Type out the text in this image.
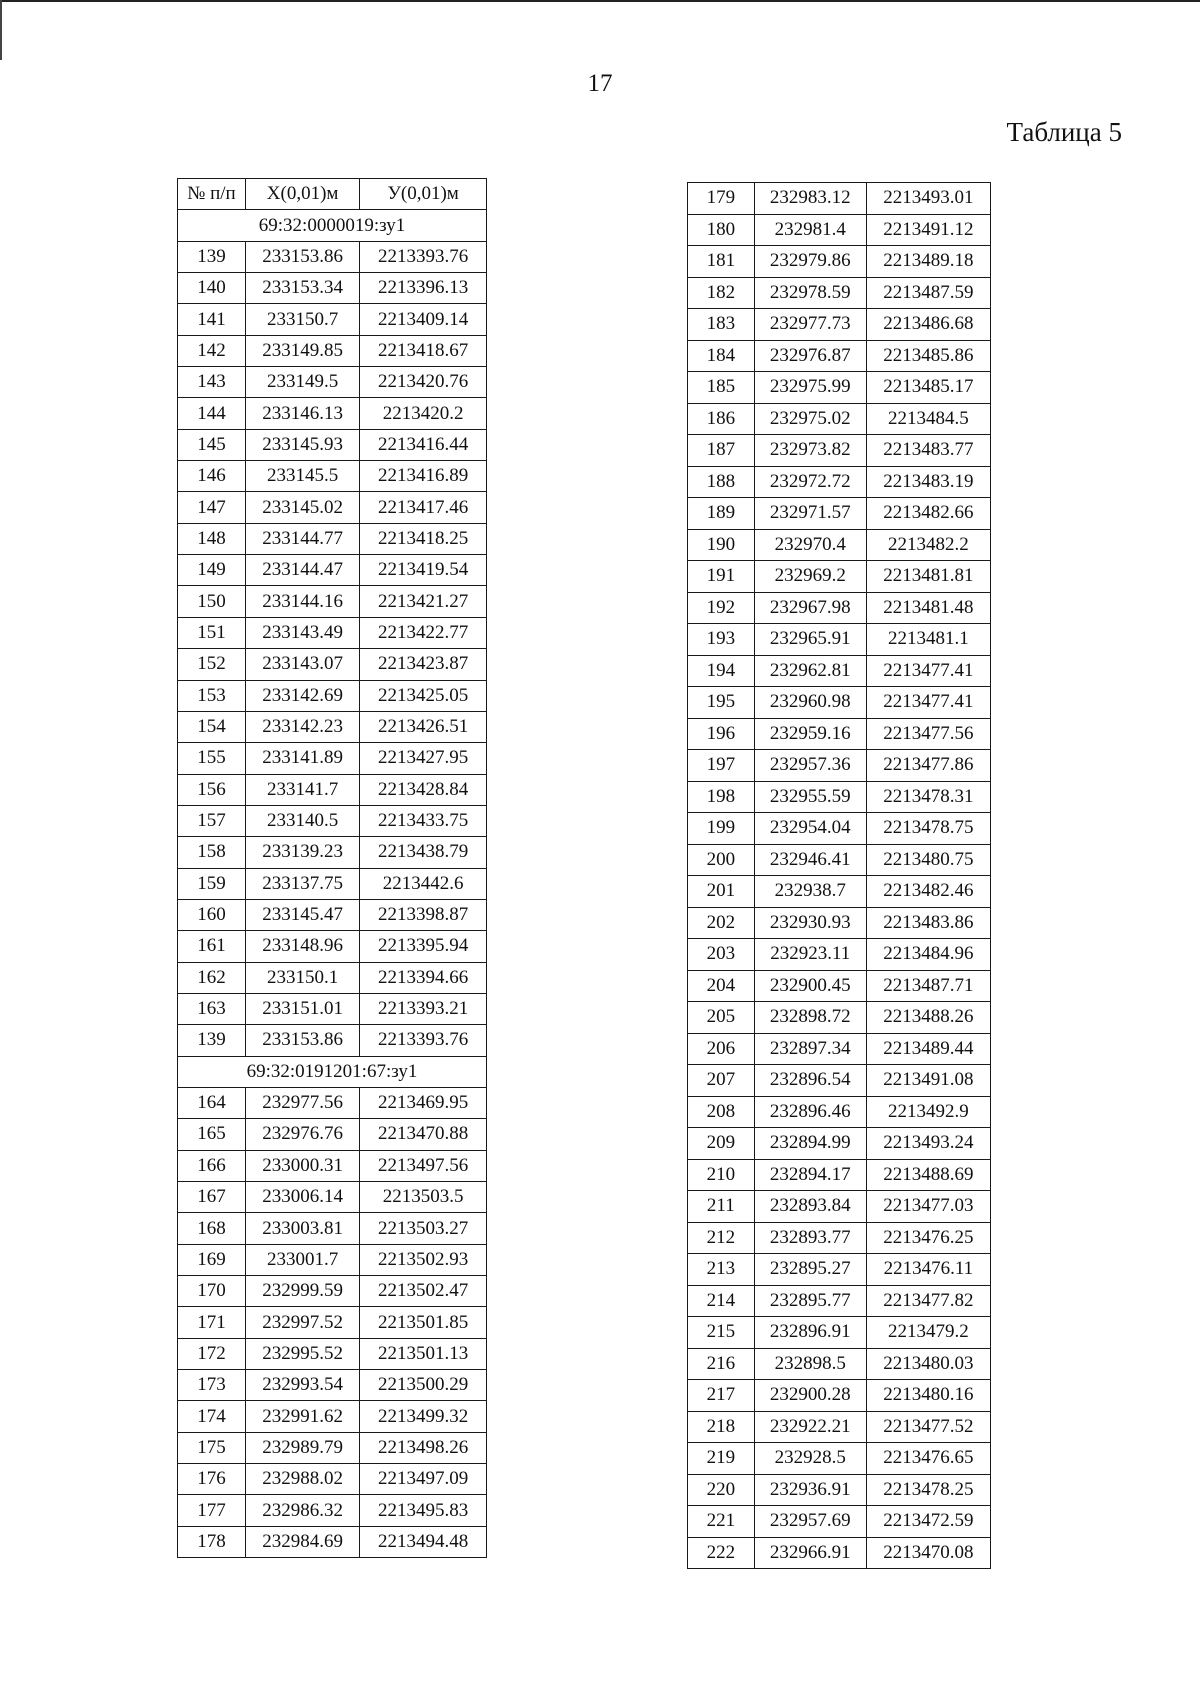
17
Таблица 5
№ п/п	X(0,01)м	У(0,01)м
69:32:0000019:зу1		
139	233153.86	2213393.76
140	233153.34	2213396.13
141	233150.7	2213409.14
142	233149.85	2213418.67
143	233149.5	2213420.76
144	233146.13	2213420.2
145	233145.93	2213416.44
146	233145.5	2213416.89
147	233145.02	2213417.46
148	233144.77	2213418.25
149	233144.47	2213419.54
150	233144.16	2213421.27
151	233143.49	2213422.77
152	233143.07	2213423.87
153	233142.69	2213425.05
154	233142.23	2213426.51
155	233141.89	2213427.95
156	233141.7	2213428.84
157	233140.5	2213433.75
158	233139.23	2213438.79
159	233137.75	2213442.6
160	233145.47	2213398.87
161	233148.96	2213395.94
162	233150.1	2213394.66
163	233151.01	2213393.21
139	233153.86	2213393.76
69:32:0191201:67:зу1		
164	232977.56	2213469.95
165	232976.76	2213470.88
166	233000.31	2213497.56
167	233006.14	2213503.5
168	233003.81	2213503.27
169	233001.7	2213502.93
170	232999.59	2213502.47
171	232997.52	2213501.85
172	232995.52	2213501.13
173	232993.54	2213500.29
174	232991.62	2213499.32
175	232989.79	2213498.26
176	232988.02	2213497.09
177	232986.32	2213495.83
178	232984.69	2213494.48
179	232983.12	2213493.01
180	232981.4	2213491.12
181	232979.86	2213489.18
182	232978.59	2213487.59
183	232977.73	2213486.68
184	232976.87	2213485.86
185	232975.99	2213485.17
186	232975.02	2213484.5
187	232973.82	2213483.77
188	232972.72	2213483.19
189	232971.57	2213482.66
190	232970.4	2213482.2
191	232969.2	2213481.81
192	232967.98	2213481.48
193	232965.91	2213481.1
194	232962.81	2213477.41
195	232960.98	2213477.41
196	232959.16	2213477.56
197	232957.36	2213477.86
198	232955.59	2213478.31
199	232954.04	2213478.75
200	232946.41	2213480.75
201	232938.7	2213482.46
202	232930.93	2213483.86
203	232923.11	2213484.96
204	232900.45	2213487.71
205	232898.72	2213488.26
206	232897.34	2213489.44
207	232896.54	2213491.08
208	232896.46	2213492.9
209	232894.99	2213493.24
210	232894.17	2213488.69
211	232893.84	2213477.03
212	232893.77	2213476.25
213	232895.27	2213476.11
214	232895.77	2213477.82
215	232896.91	2213479.2
216	232898.5	2213480.03
217	232900.28	2213480.16
218	232922.21	2213477.52
219	232928.5	2213476.65
220	232936.91	2213478.25
221	232957.69	2213472.59
222	232966.91	2213470.08
